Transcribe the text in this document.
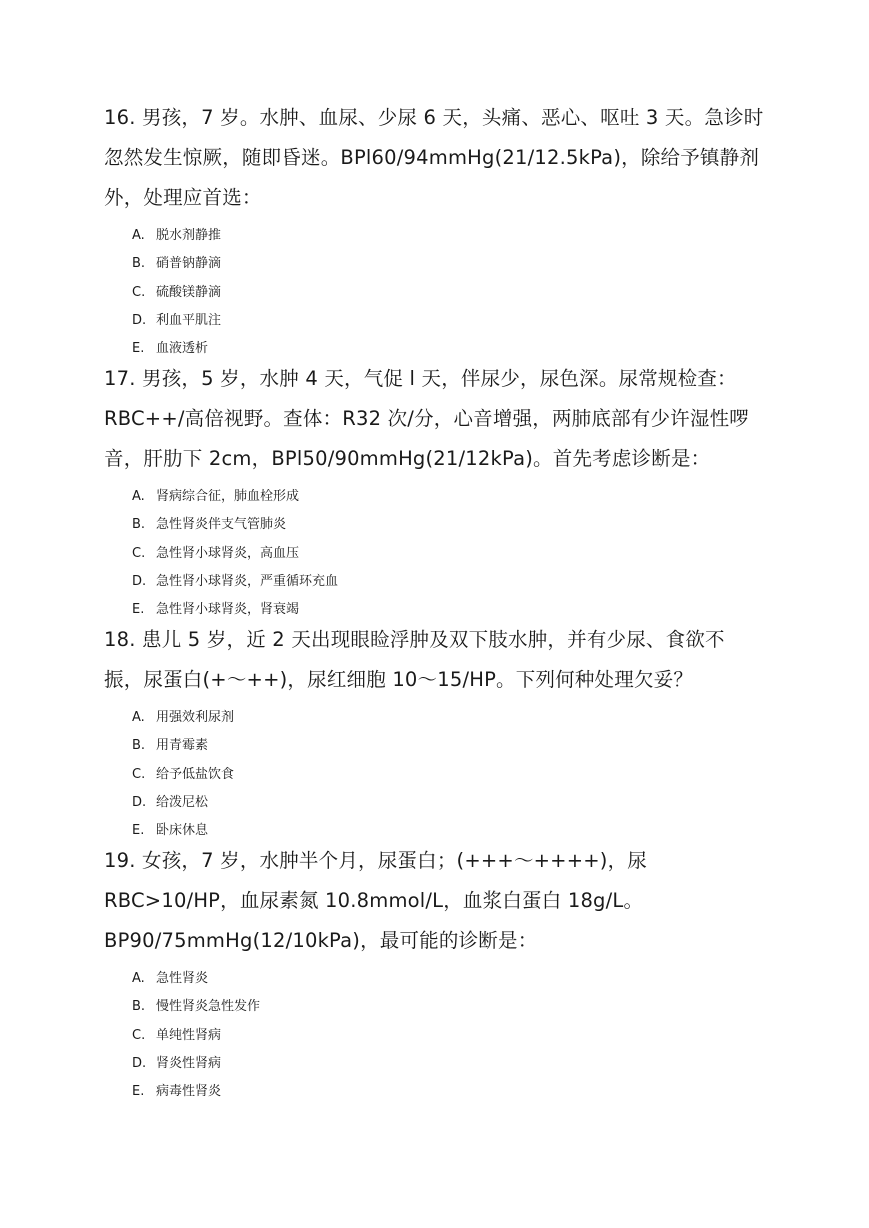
16. 男孩，7 岁。水肿、血尿、少尿 6 天，头痛、恶心、呕吐 3 天。急诊时忽然发生惊厥，随即昏迷。BPl60/94mmHg(21/12.5kPa)，除给予镇静剂外，处理应首选：

A. 脱水剂静推
B. 硝普钠静滴
C. 硫酸镁静滴
D. 利血平肌注
E. 血液透析

17. 男孩，5 岁，水肿 4 天，气促 l 天，伴尿少，尿色深。尿常规检查：RBC++/高倍视野。查体：R32 次/分，心音增强，两肺底部有少许湿性啰音，肝肋下 2cm，BPl50/90mmHg(21/12kPa)。首先考虑诊断是：

A. 肾病综合征，肺血栓形成
B. 急性肾炎伴支气管肺炎
C. 急性肾小球肾炎，高血压
D. 急性肾小球肾炎，严重循环充血
E. 急性肾小球肾炎，肾衰竭

18. 患儿 5 岁，近 2 天出现眼睑浮肿及双下肢水肿，并有少尿、食欲不振，尿蛋白(+～++)，尿红细胞 10～15/HP。下列何种处理欠妥？

A. 用强效利尿剂
B. 用青霉素
C. 给予低盐饮食
D. 给泼尼松
E. 卧床休息

19. 女孩，7 岁，水肿半个月，尿蛋白；(+++～++++)，尿 RBC>10/HP，血尿素氮 10.8mmol/L，血浆白蛋白 18g/L。BP90/75mmHg(12/10kPa)，最可能的诊断是：

A. 急性肾炎
B. 慢性肾炎急性发作
C. 单纯性肾病
D. 肾炎性肾病
E. 病毒性肾炎
